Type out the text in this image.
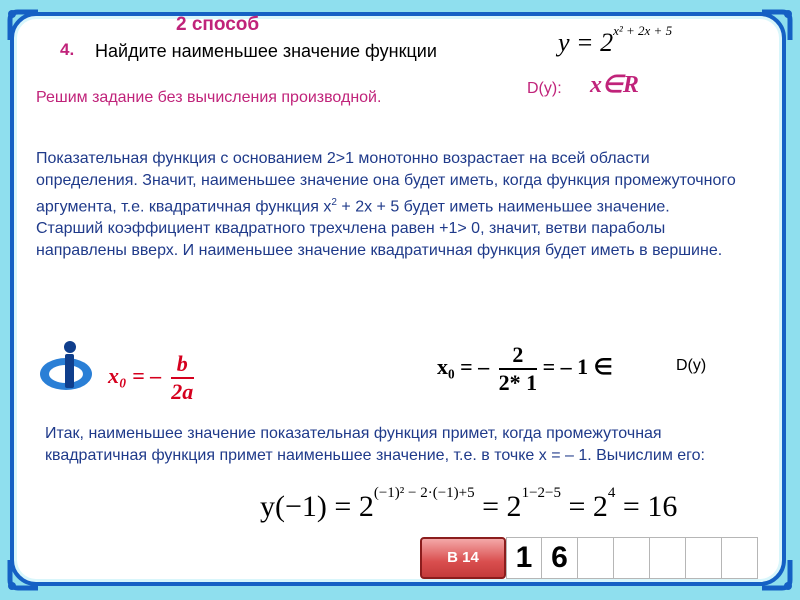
2 способ
4. Найдите наименьшее значение функции	$y = 2^{x^2 + 2x + 5}$
Решим задание без вычисления производной.
D(y): x∈R

Показательная функция с основанием 2>1 монотонно возрастает на всей области определения. Значит, наименьшее значение она будет иметь, когда функция промежуточного аргумента, т.е. квадратичная функция $х^2 + 2х + 5$ будет иметь наименьшее значение.

Старший коэффициент квадратного трехчлена равен +1> 0, значит, ветви параболы направлены вверх. И наименьшее значение квадратичная функция будет иметь в вершине.

x₀ = – $\frac{b}{2a}$	x₀ = – $\frac{2}{2* 1}$ = – 1 ∈	D(y)
Итак, наименьшее значение показательная функция примет, когда промежуточная квадратичная функция примет наименьшее значение, т.е. в точке х = – 1. Вычислим его:
$y(-1) = 2^{(-1)^2 - 2\cdot(-1)+5} = 2^{1-2-5} = 2^4 = 16$
В 14	1 6
